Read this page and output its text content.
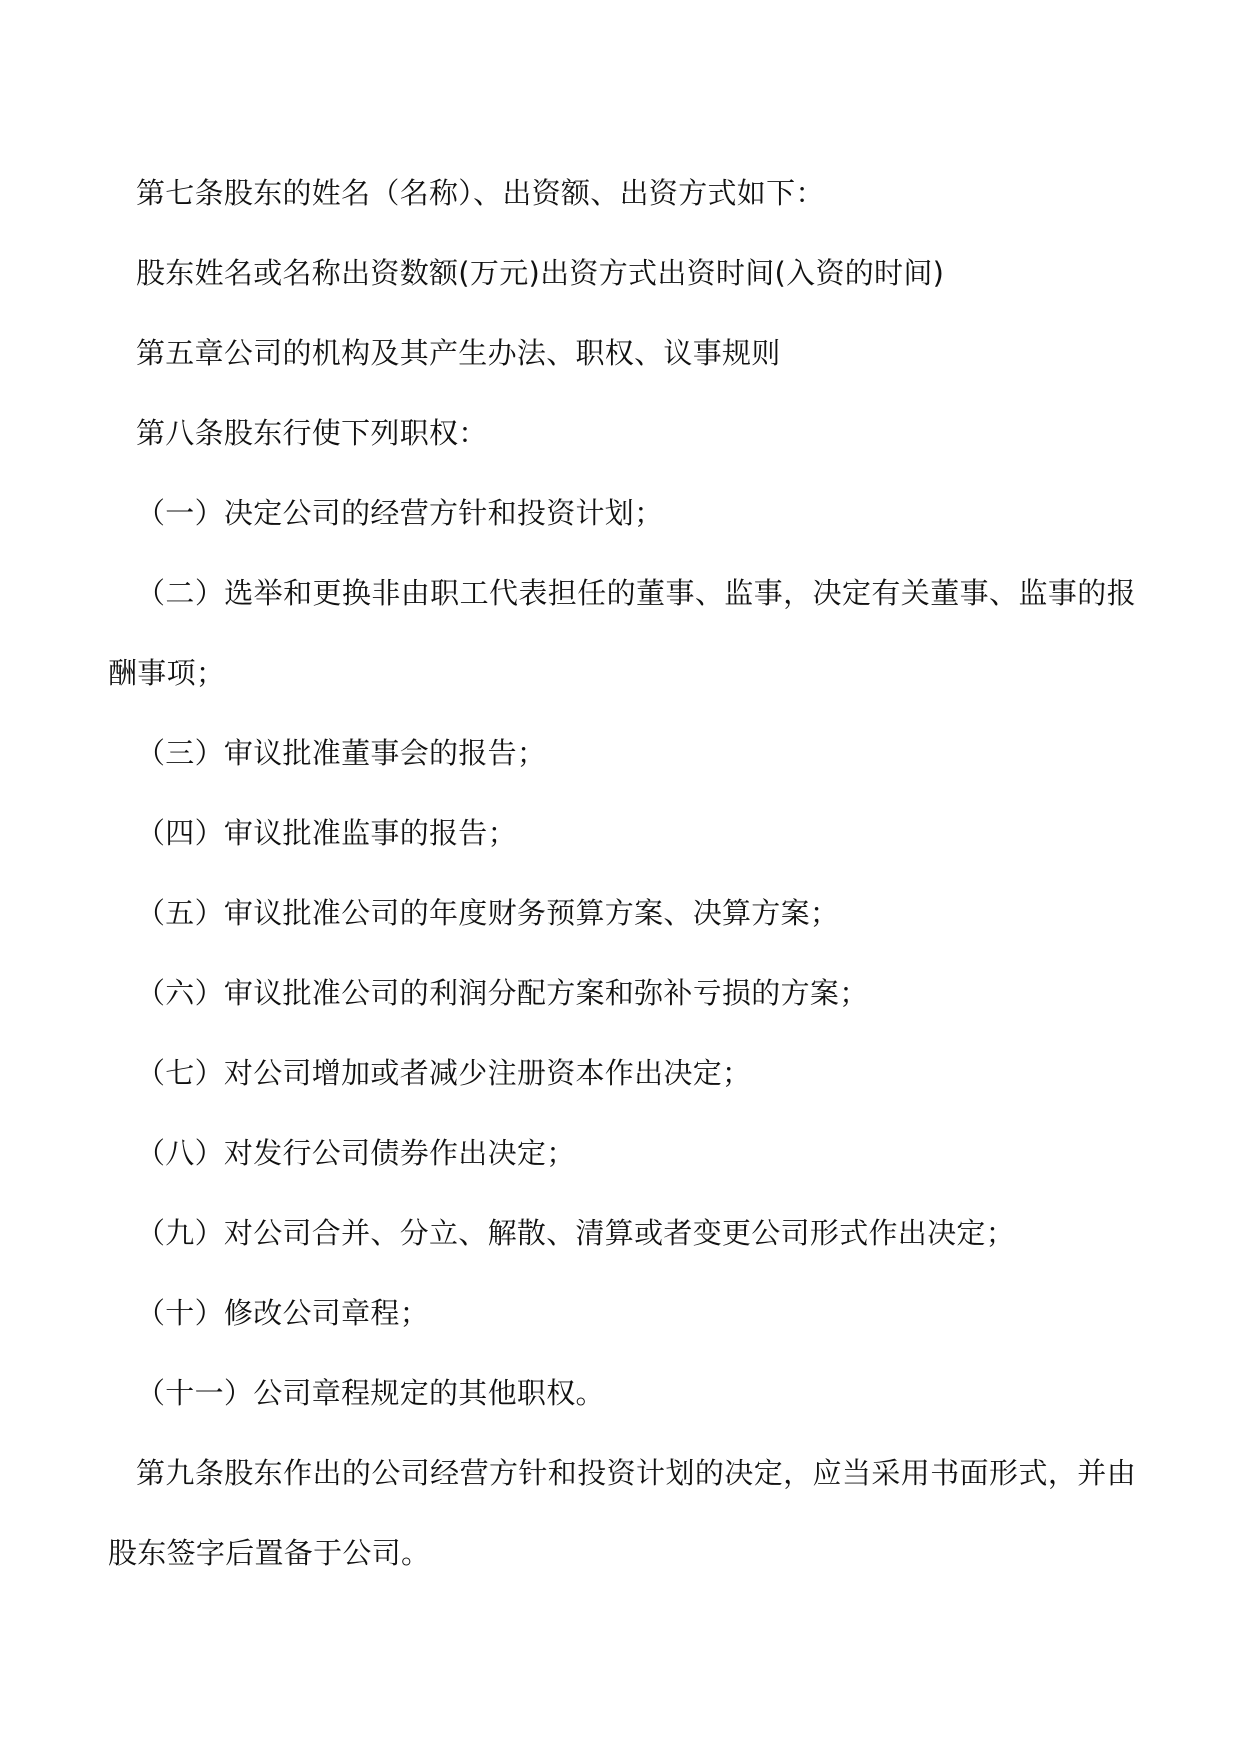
第七条股东的姓名（名称）、出资额、出资方式如下：
股东姓名或名称出资数额(万元)出资方式出资时间(入资的时间)
第五章公司的机构及其产生办法、职权、议事规则
第八条股东行使下列职权：
（一）决定公司的经营方针和投资计划；
（二）选举和更换非由职工代表担任的董事、监事，决定有关董事、监事的报
酬事项；
（三）审议批准董事会的报告；
（四）审议批准监事的报告；
（五）审议批准公司的年度财务预算方案、决算方案；
（六）审议批准公司的利润分配方案和弥补亏损的方案；
（七）对公司增加或者减少注册资本作出决定；
（八）对发行公司债券作出决定；
（九）对公司合并、分立、解散、清算或者变更公司形式作出决定；
（十）修改公司章程；
（十一）公司章程规定的其他职权。
第九条股东作出的公司经营方针和投资计划的决定，应当采用书面形式，并由
股东签字后置备于公司。
